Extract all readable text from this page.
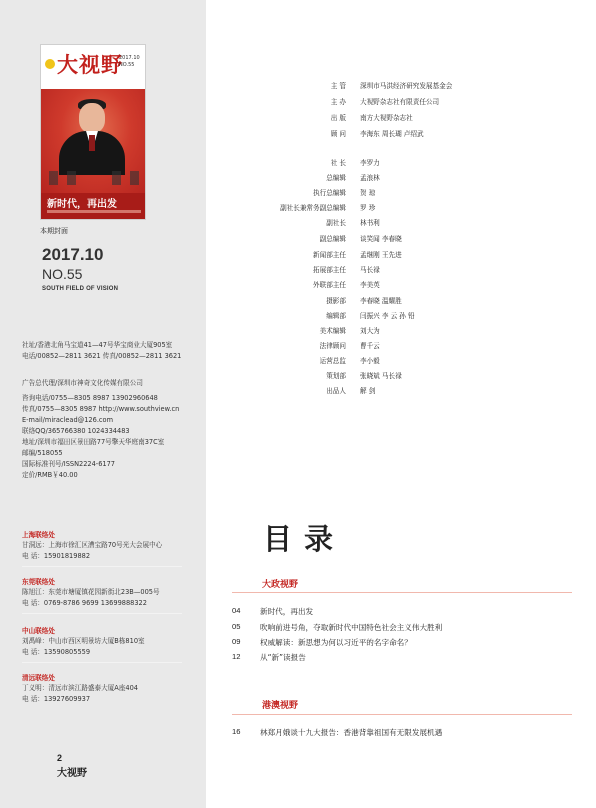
大视野
2017.10
NO.55
新时代，再出发
本期封面
2017.10
NO.55
SOUTH FIELD OF VISION
社址/香港北角马宝道41—47号华宝商业大厦905室
电话/00852—2811 3621 传真/00852—2811 3621
广告总代理/深圳市神奇文化传媒有限公司
咨询电话/0755—8305 8987 13902960648
传真/0755—8305 8987 http://www.southview.cn
E-mail/miraclead@126.com
联络QQ/365766380 1024334483
地址/深圳市福田区景田路77号擎天华庭南37C室
邮编/518055
国际标准刊号/ISSN2224-6177
定价/RMB￥40.00
上海联络处
甘洞远：上海市徐汇区漕宝路70号光大会展中心
电 话：15901819882
东莞联络处
陈旭江：东莞市塘厦镇花园新街北23B—005号
电 话：0769-8786 9699 13699888322
中山联络处
刘禹峰：中山市西区明景坊大厦B栋810室
电 话：13590805559
清远联络处
丁义明：清远市滨江路盛泰大厦A座404
电 话：13927609937
2
大视野
主 管 深圳市马洪经济研究发展基金会
主 办 大视野杂志社有限责任公司
出 版 南方大视野杂志社
顾 问 李海东 周长瑚 卢绍武
社 长 李罗力
总编辑 孟浪林
执行总编辑 贺 琼
副社长兼常务副总编辑 罗 珍
副社长 林书利
副总编辑 谈笑闻 李春晓
新闻部主任 孟继刚 王先进
拓展部主任 马长禄
外联部主任 李美英
摄影部 李春晓 温耀胜
编辑部 闫振兴 李 云 孙 铅
美术编辑 刘大为
法律顾问 曹千云
运营总监 李小毅
策划部 张晓斌 马长禄
出品人 解 剑
目录
大政视野
04	新时代，再出发
05	吹响前进号角，夺取新时代中国特色社会主义伟大胜利
09	权威解读：新思想为何以习近平的名字命名？
12	从“新”读报告
港澳视野
16	林郑月娥谈十九大报告：香港背靠祖国有无限发展机遇
